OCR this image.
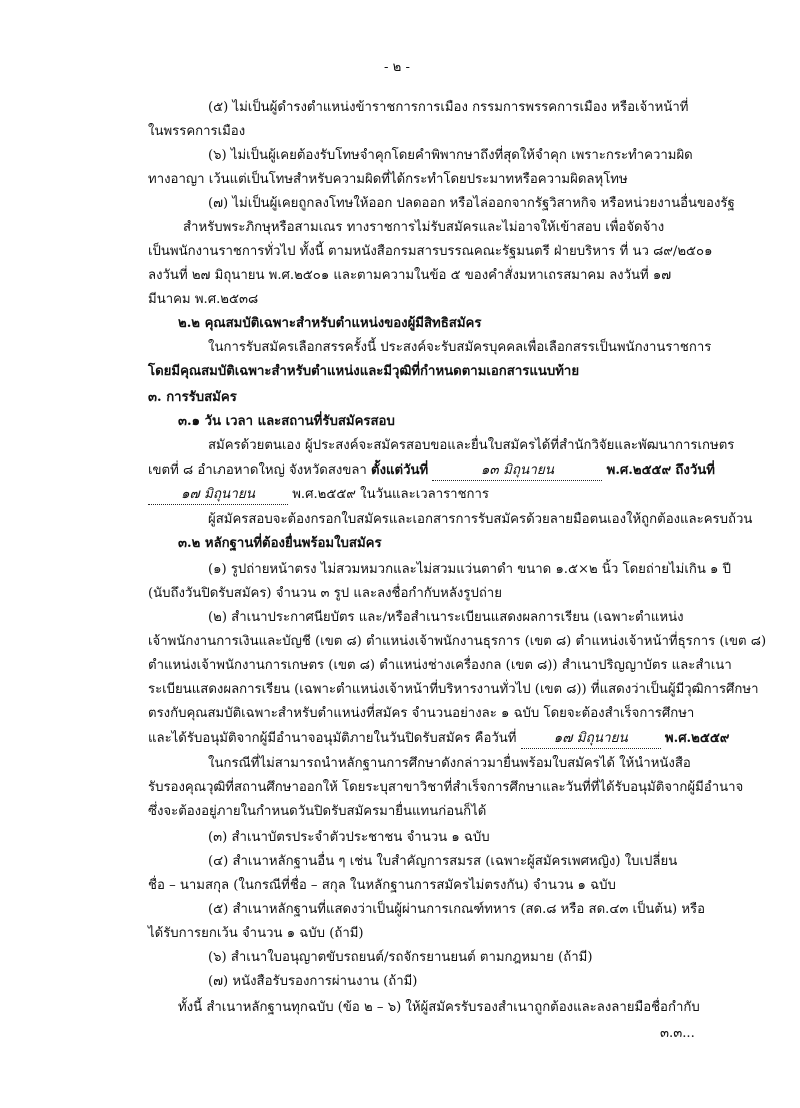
- ๒ -
(๕) ไม่เป็นผู้ดำรงตำแหน่งข้าราชการการเมือง กรรมการพรรคการเมือง หรือเจ้าหน้าที่
ในพรรคการเมือง
(๖) ไม่เป็นผู้เคยต้องรับโทษจำคุกโดยคำพิพากษาถึงที่สุดให้จำคุก เพราะกระทำความผิด
ทางอาญา เว้นแต่เป็นโทษสำหรับความผิดที่ได้กระทำโดยประมาทหรือความผิดลหุโทษ
(๗) ไม่เป็นผู้เคยถูกลงโทษให้ออก ปลดออก หรือไล่ออกจากรัฐวิสาหกิจ หรือหน่วยงานอื่นของรัฐ
สำหรับพระภิกษุหรือสามเณร ทางราชการไม่รับสมัครและไม่อาจให้เข้าสอบ เพื่อจัดจ้าง
เป็นพนักงานราชการทั่วไป ทั้งนี้ ตามหนังสือกรมสารบรรณคณะรัฐมนตรี ฝ่ายบริหาร ที่ นว ๘๙/๒๕๐๑
ลงวันที่ ๒๗ มิถุนายน พ.ศ.๒๕๐๑ และตามความในข้อ ๕ ของคำสั่งมหาเถรสมาคม ลงวันที่ ๑๗
มีนาคม พ.ศ.๒๕๓๘
๒.๒ คุณสมบัติเฉพาะสำหรับตำแหน่งของผู้มีสิทธิสมัคร
ในการรับสมัครเลือกสรรครั้งนี้ ประสงค์จะรับสมัครบุคคลเพื่อเลือกสรรเป็นพนักงานราชการ
โดยมีคุณสมบัติเฉพาะสำหรับตำแหน่งและมีวุฒิที่กำหนดตามเอกสารแนบท้าย
๓. การรับสมัคร
๓.๑ วัน เวลา และสถานที่รับสมัครสอบ
สมัครด้วยตนเอง ผู้ประสงค์จะสมัครสอบขอและยื่นใบสมัครได้ที่สำนักวิจัยและพัฒนาการเกษตร
เขตที่ ๘ อำเภอหาดใหญ่ จังหวัดสงขลา ตั้งแต่วันที่	๑๓ มิถุนายน	พ.ศ.๒๕๕๙ ถึงวันที่
๑๗ มิถุนายน	พ.ศ.๒๕๕๙ ในวันและเวลาราชการ
ผู้สมัครสอบจะต้องกรอกใบสมัครและเอกสารการรับสมัครด้วยลายมือตนเองให้ถูกต้องและครบถ้วน
๓.๒ หลักฐานที่ต้องยื่นพร้อมใบสมัคร
(๑) รูปถ่ายหน้าตรง ไม่สวมหมวกและไม่สวมแว่นตาดำ ขนาด ๑.๕×๒ นิ้ว โดยถ่ายไม่เกิน ๑ ปี
(นับถึงวันปิดรับสมัคร) จำนวน ๓ รูป และลงชื่อกำกับหลังรูปถ่าย
(๒) สำเนาประกาศนียบัตร และ/หรือสำเนาระเบียนแสดงผลการเรียน (เฉพาะตำแหน่ง
เจ้าพนักงานการเงินและบัญชี (เขต ๘) ตำแหน่งเจ้าพนักงานธุรการ (เขต ๘) ตำแหน่งเจ้าหน้าที่ธุรการ (เขต ๘)
ตำแหน่งเจ้าพนักงานการเกษตร (เขต ๘) ตำแหน่งช่างเครื่องกล (เขต ๘)) สำเนาปริญญาบัตร และสำเนา
ระเบียนแสดงผลการเรียน (เฉพาะตำแหน่งเจ้าหน้าที่บริหารงานทั่วไป (เขต ๘)) ที่แสดงว่าเป็นผู้มีวุฒิการศึกษา
ตรงกับคุณสมบัติเฉพาะสำหรับตำแหน่งที่สมัคร จำนวนอย่างละ ๑ ฉบับ โดยจะต้องสำเร็จการศึกษา
และได้รับอนุมัติจากผู้มีอำนาจอนุมัติภายในวันปิดรับสมัคร คือวันที่	๑๗ มิถุนายน	พ.ศ.๒๕๕๙
ในกรณีที่ไม่สามารถนำหลักฐานการศึกษาดังกล่าวมายื่นพร้อมใบสมัครได้ ให้นำหนังสือ
รับรองคุณวุฒิที่สถานศึกษาออกให้ โดยระบุสาขาวิชาที่สำเร็จการศึกษาและวันที่ที่ได้รับอนุมัติจากผู้มีอำนาจ
ซึ่งจะต้องอยู่ภายในกำหนดวันปิดรับสมัครมายื่นแทนก่อนก็ได้
(๓) สำเนาบัตรประจำตัวประชาชน จำนวน ๑ ฉบับ
(๔) สำเนาหลักฐานอื่น ๆ เช่น ใบสำคัญการสมรส (เฉพาะผู้สมัครเพศหญิง) ใบเปลี่ยน
ชื่อ – นามสกุล (ในกรณีที่ชื่อ – สกุล ในหลักฐานการสมัครไม่ตรงกัน) จำนวน ๑ ฉบับ
(๕) สำเนาหลักฐานที่แสดงว่าเป็นผู้ผ่านการเกณฑ์ทหาร (สด.๘ หรือ สด.๔๓ เป็นต้น) หรือ
ได้รับการยกเว้น จำนวน ๑ ฉบับ (ถ้ามี)
(๖) สำเนาใบอนุญาตขับรถยนต์/รถจักรยานยนต์ ตามกฎหมาย (ถ้ามี)
(๗) หนังสือรับรองการผ่านงาน (ถ้ามี)
ทั้งนี้ สำเนาหลักฐานทุกฉบับ (ข้อ ๒ – ๖) ให้ผู้สมัครรับรองสำเนาถูกต้องและลงลายมือชื่อกำกับ
๓.๓...
